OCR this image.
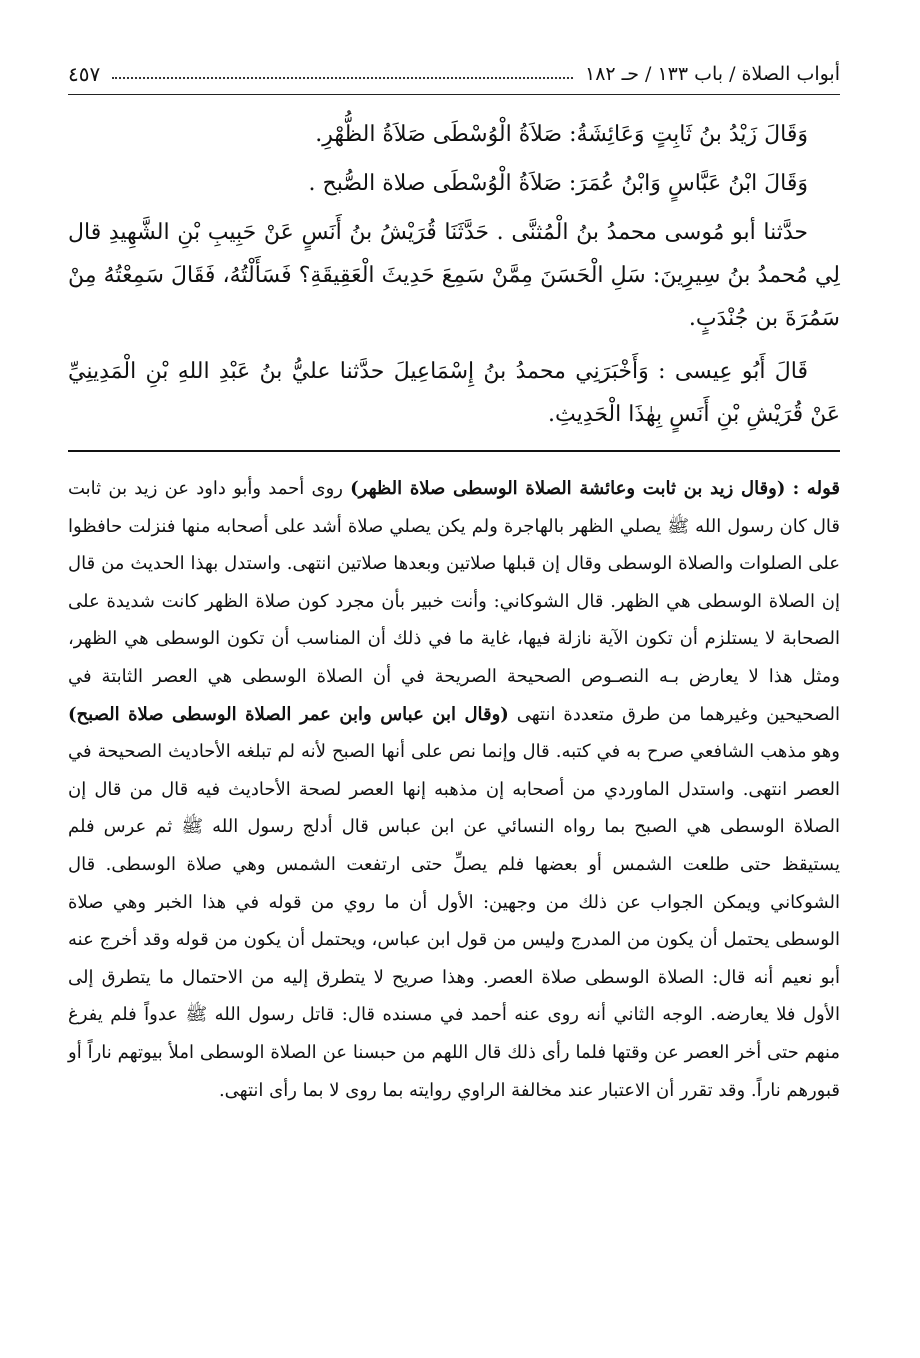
أبواب الصلاة / باب ١٣٣ / حـ ١٨٢
٤٥٧

وَقَالَ زَيْدُ بنُ ثَابِتٍ وَعَائِشَةُ: صَلاَةُ الْوُسْطَى صَلاَةُ الظُّهْرِ.

وَقَالَ ابْنُ عَبَّاسٍ وَابْنُ عُمَرَ: صَلاَةُ الْوُسْطَى صلاة الصُّبح .

حدَّثنا أبو مُوسى محمدُ بنُ الْمُثنَّى . حَدَّثَنَا قُرَيْشُ بنُ أَنَسٍ عَنْ حَبِيبِ بْنِ الشَّهِيدِ قال لِي مُحمدُ بنُ سِيرِينَ: سَلِ الْحَسَنَ مِمَّنْ سَمِعَ حَدِيثَ الْعَقِيقَةِ؟ فَسَأَلْتُهُ، فَقَالَ سَمِعْتُهُ مِنْ سَمُرَةَ بن جُنْدَبٍ.

قَالَ أَبُو عِيسى : وَأَخْبَرَنِي محمدُ بنُ إِسْمَاعِيلَ حدَّثنا عليُّ بنُ عَبْدِ اللهِ بْنِ الْمَدِينِيِّ عَنْ قُرَيْشِ بْنِ أَنَسٍ بِهٰذَا الْحَدِيثِ.

قوله : (وقال زيد بن ثابت وعائشة الصلاة الوسطى صلاة الظهر) روى أحمد وأبو داود عن زيد بن ثابت قال كان رسول الله ﷺ يصلي الظهر بالهاجرة ولم يكن يصلي صلاة أشد على أصحابه منها فنزلت حافظوا على الصلوات والصلاة الوسطى وقال إن قبلها صلاتين وبعدها صلاتين انتهى. واستدل بهذا الحديث من قال إن الصلاة الوسطى هي الظهر. قال الشوكاني: وأنت خبير بأن مجرد كون صلاة الظهر كانت شديدة على الصحابة لا يستلزم أن تكون الآية نازلة فيها، غاية ما في ذلك أن المناسب أن تكون الوسطى هي الظهر، ومثل هذا لا يعارض بـه النصـوص الصحيحة الصريحة في أن الصلاة الوسطى هي العصر الثابتة في الصحيحين وغيرهما من طرق متعددة انتهى (وقال ابن عباس وابن عمر الصلاة الوسطى صلاة الصبح) وهو مذهب الشافعي صرح به في كتبه. قال وإنما نص على أنها الصبح لأنه لم تبلغه الأحاديث الصحيحة في العصر انتهى. واستدل الماوردي من أصحابه إن مذهبه إنها العصر لصحة الأحاديث فيه قال من قال إن الصلاة الوسطى هي الصبح بما رواه النسائي عن ابن عباس قال أدلج رسول الله ﷺ ثم عرس فلم يستيقظ حتى طلعت الشمس أو بعضها فلم يصلِّ حتى ارتفعت الشمس وهي صلاة الوسطى. قال الشوكاني ويمكن الجواب عن ذلك من وجهين: الأول أن ما روي من قوله في هذا الخبر وهي صلاة الوسطى يحتمل أن يكون من المدرج وليس من قول ابن عباس، ويحتمل أن يكون من قوله وقد أخرج عنه أبو نعيم أنه قال: الصلاة الوسطى صلاة العصر. وهذا صريح لا يتطرق إليه من الاحتمال ما يتطرق إلى الأول فلا يعارضه. الوجه الثاني أنه روى عنه أحمد في مسنده قال: قاتل رسول الله ﷺ عدواً فلم يفرغ منهم حتى أخر العصر عن وقتها فلما رأى ذلك قال اللهم من حبسنا عن الصلاة الوسطى املأ بيوتهم ناراً أو قبورهم ناراً. وقد تقرر أن الاعتبار عند مخالفة الراوي روايته بما روى لا بما رأى انتهى.
